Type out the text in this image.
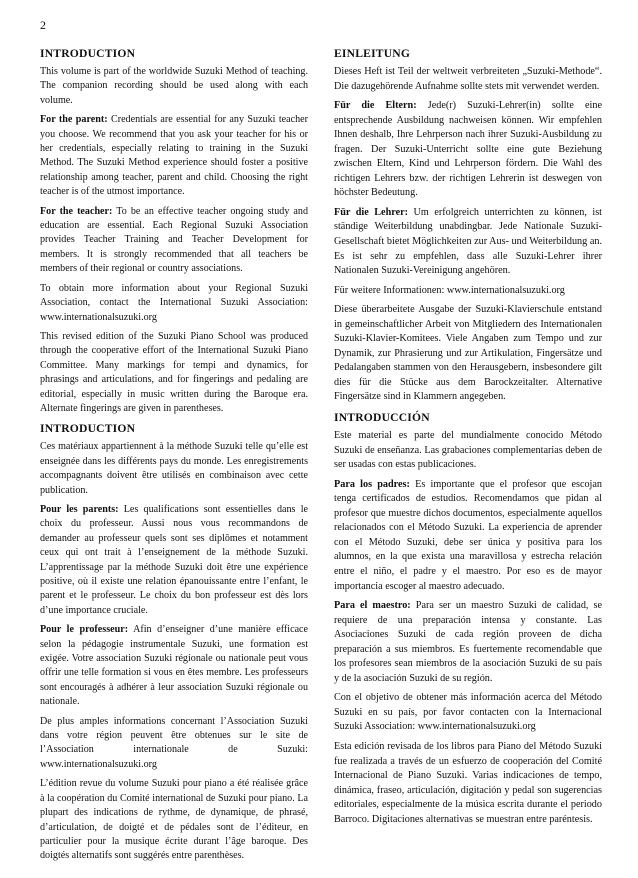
2
INTRODUCTION

This volume is part of the worldwide Suzuki Method of teaching. The companion recording should be used along with each volume.

For the parent: Credentials are essential for any Suzuki teacher you choose. We recommend that you ask your teacher for his or her credentials, especially relating to training in the Suzuki Method. The Suzuki Method experience should foster a positive relationship among teacher, parent and child. Choosing the right teacher is of the utmost importance.

For the teacher: To be an effective teacher ongoing study and education are essential. Each Regional Suzuki Association provides Teacher Training and Teacher Development for members. It is strongly recommended that all teachers be members of their regional or country associations.

To obtain more information about your Regional Suzuki Association, contact the International Suzuki Association: www.internationalsuzuki.org

This revised edition of the Suzuki Piano School was produced through the cooperative effort of the International Suzuki Piano Committee. Many markings for tempi and dynamics, for phrasings and articulations, and for fingerings and pedaling are editorial, especially in music written during the Baroque era. Alternate fingerings are given in parentheses.

INTRODUCTION

Ces matériaux appartiennent à la méthode Suzuki telle qu’elle est enseignée dans les différents pays du monde. Les enregistrements accompagnants doivent être utilisés en combinaison avec cette publication.

Pour les parents: Les qualifications sont essentielles dans le choix du professeur. Aussi nous vous recommandons de demander au professeur quels sont ses diplômes et notamment ceux qui ont trait à l’enseignement de la méthode Suzuki. L’apprentissage par la méthode Suzuki doit être une expérience positive, où il existe une relation épanouissante entre l’enfant, le parent et le professeur. Le choix du bon professeur est dès lors d’une importance cruciale.

Pour le professeur: Afin d’enseigner d’une manière efficace selon la pédagogie instrumentale Suzuki, une formation est exigée. Votre association Suzuki régionale ou nationale peut vous offrir une telle formation si vous en êtes membre. Les professeurs sont encouragés à adhérer à leur association Suzuki régionale ou nationale.

De plus amples informations concernant l’Association Suzuki dans votre région peuvent être obtenues sur le site de l’Association internationale de Suzuki: www.internationalsuzuki.org

L’édition revue du volume Suzuki pour piano a été réalisée grâce à la coopération du Comité international de Suzuki pour piano. La plupart des indications de rythme, de dynamique, de phrasé, d’articulation, de doigté et de pédales sont de l’éditeur, en particulier pour la musique écrite durant l’âge baroque. Des doigtés alternatifs sont suggérés entre parenthèses.

EINLEITUNG

Dieses Heft ist Teil der weltweit verbreiteten „Suzuki-Methode“. Die dazugehörende Aufnahme sollte stets mit verwendet werden.

Für die Eltern: Jede(r) Suzuki-Lehrer(in) sollte eine entsprechende Ausbildung nachweisen können. Wir empfehlen Ihnen deshalb, Ihre Lehrperson nach ihrer Suzuki-Ausbildung zu fragen. Der Suzuki-Unterricht sollte eine gute Beziehung zwischen Eltern, Kind und Lehrperson fördern. Die Wahl des richtigen Lehrers bzw. der richtigen Lehrerin ist deswegen von höchster Bedeutung.

Für die Lehrer: Um erfolgreich unterrichten zu können, ist ständige Weiterbildung unabdingbar. Jede Nationale Suzuki-Gesellschaft bietet Möglichkeiten zur Aus- und Weiterbildung an. Es ist sehr zu empfehlen, dass alle Suzuki-Lehrer ihrer Nationalen Suzuki-Vereinigung angehören.

Für weitere Informationen: www.internationalsuzuki.org

Diese überarbeitete Ausgabe der Suzuki-Klavierschule entstand in gemeinschaftlicher Arbeit von Mitgliedern des Internationalen Suzuki-Klavier-Komitees. Viele Angaben zum Tempo und zur Dynamik, zur Phrasierung und zur Artikulation, Fingersätze und Pedalangaben stammen von den Herausgebern, insbesondere gilt dies für die Stücke aus dem Barockzeitalter. Alternative Fingersätze sind in Klammern angegeben.

INTRODUCCIÓN

Este material es parte del mundialmente conocido Método Suzuki de enseñanza. Las grabaciones complementarias deben de ser usadas con estas publicaciones.

Para los padres: Es importante que el profesor que escojan tenga certificados de estudios. Recomendamos que pidan al profesor que muestre dichos documentos, especialmente aquellos relacionados con el Método Suzuki. La experiencia de aprender con el Método Suzuki, debe ser única y positiva para los alumnos, en la que exista una maravillosa y estrecha relación entre el niño, el padre y el maestro. Por eso es de mayor importancia escoger al maestro adecuado.

Para el maestro: Para ser un maestro Suzuki de calidad, se requiere de una preparación intensa y constante. Las Asociaciones Suzuki de cada región proveen de dicha preparación a sus miembros. Es fuertemente recomendable que los profesores sean miembros de la asociación Suzuki de su país y de la asociación Suzuki de su región.

Con el objetivo de obtener más información acerca del Método Suzuki en su país, por favor contacten con la Internacional Suzuki Association: www.internationalsuzuki.org

Esta edición revisada de los libros para Piano del Método Suzuki fue realizada a través de un esfuerzo de cooperación del Comité Internacional de Piano Suzuki. Varias indicaciones de tempo, dinámica, fraseo, articulación, digitación y pedal son sugerencias editoriales, especialmente de la música escrita durante el periodo Barroco. Digitaciones alternativas se muestran entre paréntesis.
